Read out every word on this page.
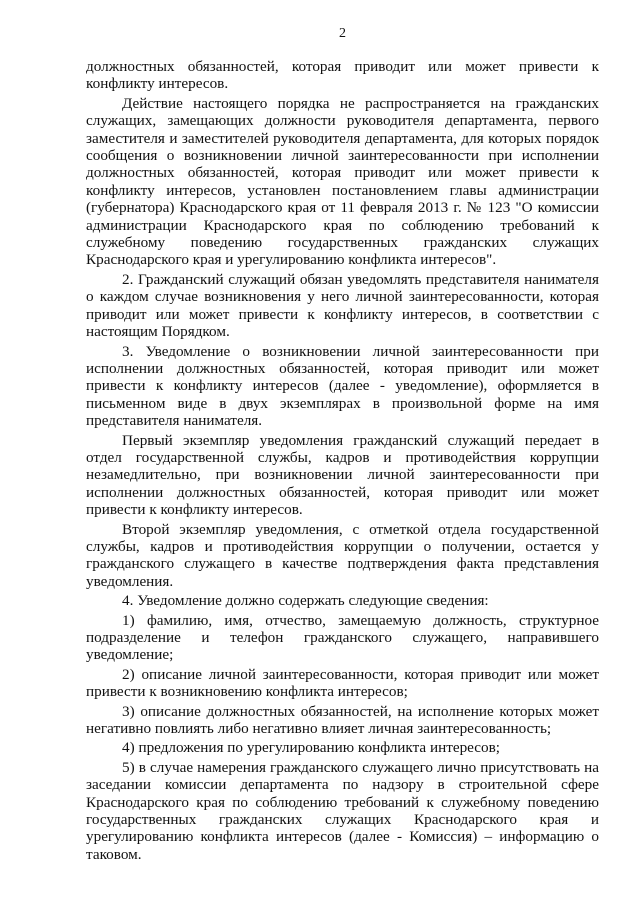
2

должностных обязанностей, которая приводит или может привести к конфликту интересов.

Действие настоящего порядка не распространяется на гражданских служащих, замещающих должности руководителя департамента, первого заместителя и заместителей руководителя департамента, для которых порядок сообщения о возникновении личной заинтересованности при исполнении должностных обязанностей, которая приводит или может привести к конфликту интересов, установлен постановлением главы администрации (губернатора) Краснодарского края от 11 февраля 2013 г. № 123 "О комиссии администрации Краснодарского края по соблюдению требований к служебному поведению государственных гражданских служащих Краснодарского края и урегулированию конфликта интересов".

2. Гражданский служащий обязан уведомлять представителя нанимателя о каждом случае возникновения у него личной заинтересованности, которая приводит или может привести к конфликту интересов, в соответствии с настоящим Порядком.

3. Уведомление о возникновении личной заинтересованности при исполнении должностных обязанностей, которая приводит или может привести к конфликту интересов (далее - уведомление), оформляется в письменном виде в двух экземплярах в произвольной форме на имя представителя нанимателя.

Первый экземпляр уведомления гражданский служащий передает в отдел государственной службы, кадров и противодействия коррупции незамедлительно, при возникновении личной заинтересованности при исполнении должностных обязанностей, которая приводит или может привести к конфликту интересов.

Второй экземпляр уведомления, с отметкой отдела государственной службы, кадров и противодействия коррупции о получении, остается у гражданского служащего в качестве подтверждения факта представления уведомления.

4. Уведомление должно содержать следующие сведения:

1) фамилию, имя, отчество, замещаемую должность, структурное подразделение и телефон гражданского служащего, направившего уведомление;

2) описание личной заинтересованности, которая приводит или может привести к возникновению конфликта интересов;

3) описание должностных обязанностей, на исполнение которых может негативно повлиять либо негативно влияет личная заинтересованность;

4) предложения по урегулированию конфликта интересов;

5) в случае намерения гражданского служащего лично присутствовать на заседании комиссии департамента по надзору в строительной сфере Краснодарского края по соблюдению требований к служебному поведению государственных гражданских служащих Краснодарского края и урегулированию конфликта интересов (далее - Комиссия) – информацию о таковом.
